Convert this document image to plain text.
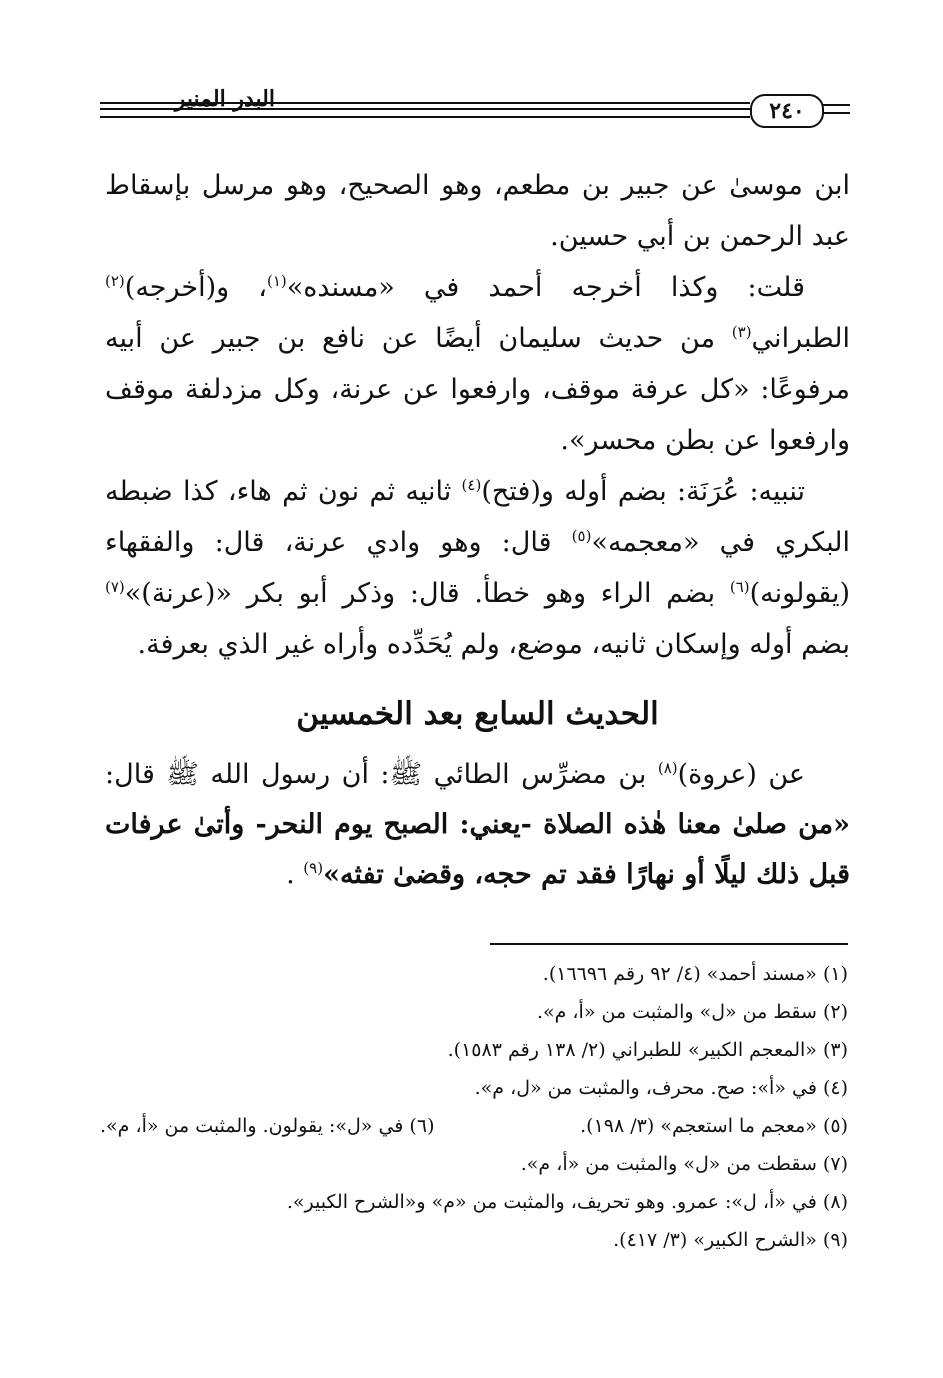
البدر المنير	٢٤٠

ابن موسىٰ عن جبير بن مطعم، وهو الصحيح، وهو مرسل بإسقاط عبد الرحمن بن أبي حسين.

قلت: وكذا أخرجه أحمد في «مسنده»$^{(١)}$، و(أخرجه)$^{(٢)}$ الطبراني$^{(٣)}$ من حديث سليمان أيضًا عن نافع بن جبير عن أبيه مرفوعًا: «كل عرفة موقف، وارفعوا عن عرنة، وكل مزدلفة موقف وارفعوا عن بطن محسر».

تنبيه: عُرَنَة: بضم أوله و(فتح)$^{(٤)}$ ثانيه ثم نون ثم هاء، كذا ضبطه البكري في «معجمه»$^{(٥)}$ قال: وهو وادي عرنة، قال: والفقهاء (يقولونه)$^{(٦)}$ بضم الراء وهو خطأ. قال: وذكر أبو بكر «(عرنة)»$^{(٧)}$ بضم أوله وإسكان ثانيه، موضع، ولم يُحَدِّده وأراه غير الذي بعرفة.

الحديث السابع بعد الخمسين

عن (عروة)$^{(٨)}$ بن مضرِّس الطائي ﷺ: أن رسول الله ﷺ قال: «من صلىٰ معنا هٰذه الصلاة -يعني: الصبح يوم النحر- وأتىٰ عرفات قبل ذلك ليلًا أو نهارًا فقد تم حجه، وقضىٰ تفثه»$^{(٩)}$ .

(١) «مسند أحمد» (٤/ ٩٢ رقم ١٦٦٩٦).
(٢) سقط من «ل» والمثبت من «أ، م».
(٣) «المعجم الكبير» للطبراني (٢/ ١٣٨ رقم ١٥٨٣).
(٤) في «أ»: صح. محرف، والمثبت من «ل، م».
(٥) «معجم ما استعجم» (٣/ ١٩٨).
(٦) في «ل»: يقولون. والمثبت من «أ، م».
(٧) سقطت من «ل» والمثبت من «أ، م».
(٨) في «أ، ل»: عمرو. وهو تحريف، والمثبت من «م» و«الشرح الكبير».
(٩) «الشرح الكبير» (٣/ ٤١٧).
